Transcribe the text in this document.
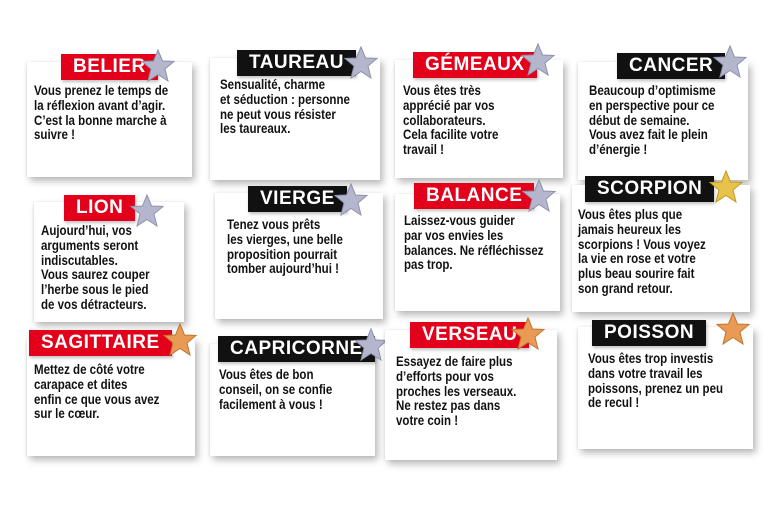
BELIER
Vous prenez le temps de
la réflexion avant d’agir.
C’est la bonne marche à
suivre !
TAUREAU
Sensualité, charme
et séduction : personne
ne peut vous résister
les taureaux.
GÉMEAUX
Vous êtes très
apprécié par vos
collaborateurs.
Cela facilite votre
travail !
CANCER
Beaucoup d’optimisme
en perspective pour ce
début de semaine.
Vous avez fait le plein
d’énergie !
LION
Aujourd’hui, vos
arguments seront
indiscutables.
Vous saurez couper
l’herbe sous le pied
de vos détracteurs.
VIERGE
Tenez vous prêts
les vierges, une belle
proposition pourrait
tomber aujourd’hui !
BALANCE
Laissez-vous guider
par vos envies les
balances. Ne réfléchissez
pas trop.
SCORPION
Vous êtes plus que
jamais heureux les
scorpions ! Vous voyez
la vie en rose et votre
plus beau sourire fait
son grand retour.
SAGITTAIRE
Mettez de côté votre
carapace et dites
enfin ce que vous avez
sur le cœur.
CAPRICORNE
Vous êtes de bon
conseil, on se confie
facilement à vous !
VERSEAU
Essayez de faire plus
d’efforts pour vos
proches les verseaux.
Ne restez pas dans
votre coin !
POISSON
Vous êtes trop investis
dans votre travail les
poissons, prenez un peu
de recul !
